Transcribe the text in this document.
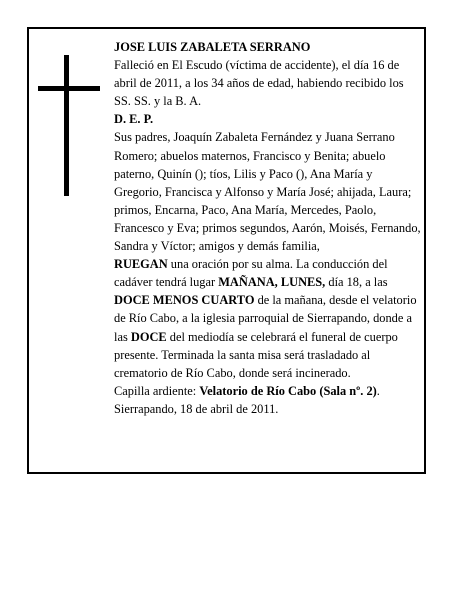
JOSE LUIS ZABALETA SERRANO

Falleció en El Escudo (víctima de accidente), el día 16 de abril de 2011, a los 34 años de edad, habiendo recibido los SS. SS. y la B. A.

D. E. P.

Sus padres, Joaquín Zabaleta Fernández y Juana Serrano Romero; abuelos maternos, Francisco y Benita; abuelo paterno, Quinín (); tíos, Lilis y Paco (), Ana María y Gregorio, Francisca y Alfonso y María José; ahijada, Laura; primos, Encarna, Paco, Ana María, Mercedes, Paolo, Francesco y Eva; primos segundos, Aarón, Moisés, Fernando, Sandra y Víctor; amigos y demás familia,

RUEGAN una oración por su alma. La conducción del cadáver tendrá lugar MAÑANA, LUNES, día 18, a las DOCE MENOS CUARTO de la mañana, desde el velatorio de Río Cabo, a la iglesia parroquial de Sierrapando, donde a las DOCE del mediodía se celebrará el funeral de cuerpo presente. Terminada la santa misa será trasladado al crematorio de Río Cabo, donde será incinerado.

Capilla ardiente: Velatorio de Río Cabo (Sala nº. 2).

Sierrapando, 18 de abril de 2011.
